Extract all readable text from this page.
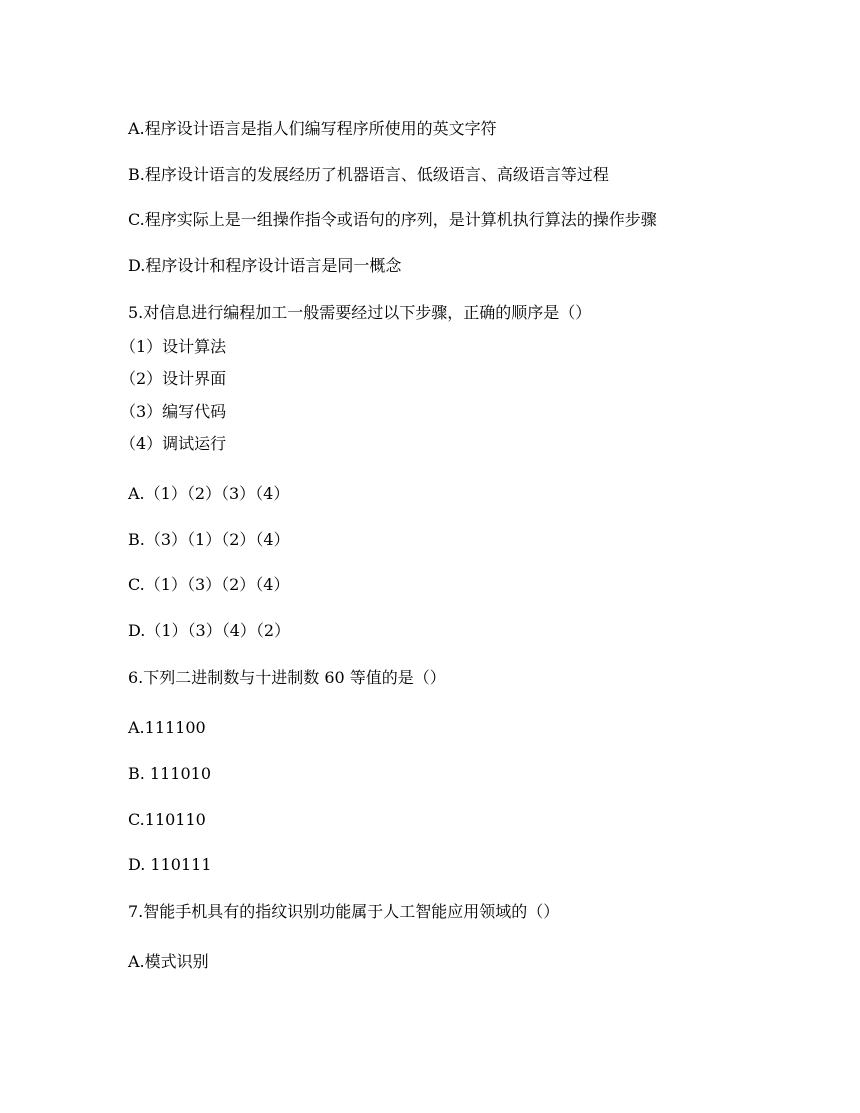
A.程序设计语言是指人们编写程序所使用的英文字符
B.程序设计语言的发展经历了机器语言、低级语言、高级语言等过程
C.程序实际上是一组操作指令或语句的序列，是计算机执行算法的操作步骤
D.程序设计和程序设计语言是同一概念
5.对信息进行编程加工一般需要经过以下步骤，正确的顺序是（）
（1）设计算法
（2）设计界面
（3）编写代码
（4）调试运行
A.（1）（2）（3）（4）
B.（3）（1）（2）（4）
C.（1）（3）（2）（4）
D.（1）（3）（4）（2）
6.下列二进制数与十进制数 60 等值的是（）
A.111100
B. 111010
C.110110
D. 110111
7.智能手机具有的指纹识别功能属于人工智能应用领域的（）
A.模式识别
